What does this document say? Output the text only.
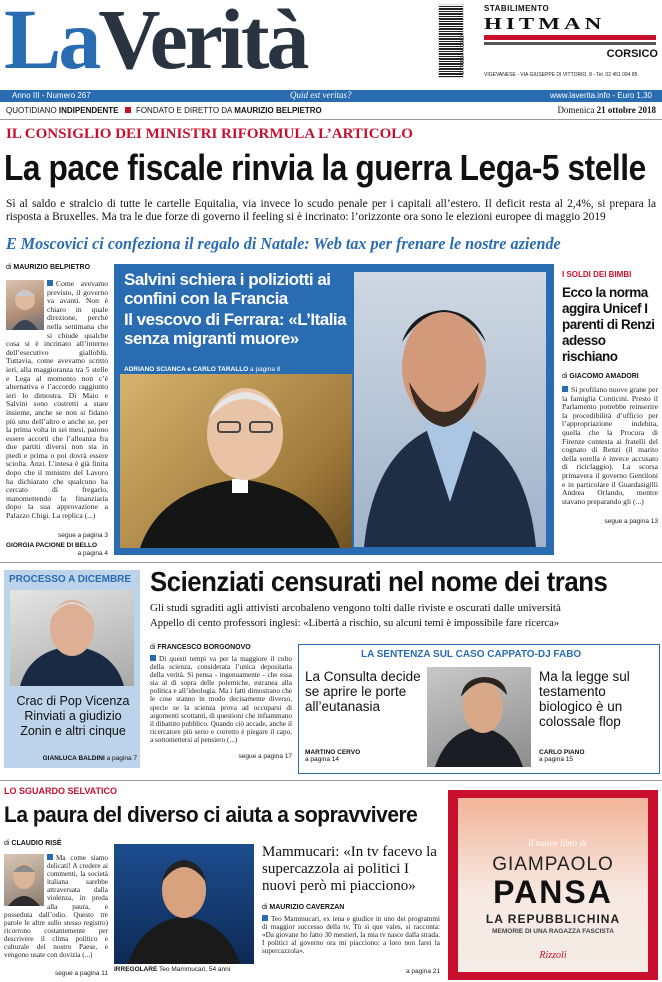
LaVerità	9 771824 702002
STABILIMENTO
HITMAN
CORSICO
VIGEVANESE - VIA GIUSEPPE DI VITTORIO, 8 - Tel. 02 451 094 85
Anno III - Numero 267	Quid est veritas?	www.laverita.info - Euro 1,30
QUOTIDIANO INDIPENDENTE FONDATO E DIRETTO DA MAURIZIO BELPIETRO	Domenica 21 ottobre 2018
IL CONSIGLIO DEI MINISTRI RIFORMULA L’ARTICOLO
La pace fiscale rinvia la guerra Lega-5 stelle
Sì al saldo e stralcio di tutte le cartelle Equitalia, via invece lo scudo penale per i capitali all’estero. Il deficit resta al 2,4%, si prepara la risposta a Bruxelles. Ma tra le due forze di governo il feeling si è incrinato: l’orizzonte ora sono le elezioni europee di maggio 2019
E Moscovici ci confeziona il regalo di Natale: Web tax per frenare le nostre aziende
di MAURIZIO BELPIETRO
Come avevamo previsto, il governo va avanti. Non è chiaro in quale direzione, perché nella settimana che si chiude qualche cosa si è incrinato all’interno dell’esecutivo gialloblù. Tuttavia, come avevamo scritto ieri, alla maggioranza tra 5 stelle e Lega al momento non c’è alternativa e l’accordo raggiunto ieri lo dimostra. Di Maio e Salvini sono costretti a stare insieme, anche se non si fidano più uno dell’altro e anche se, per la prima volta in sei mesi, paiono essere accorti che l’alleanza fra due partiti diversi non sta in piedi e prima o poi dovrà essere sciolta. Anzi. L’intesa è già finita dopo che il ministro del Lavoro ha dichiarato che qualcuno ha cercato di fregarlo, manomettendo la finanziaria dopo la sua approvazione a Palazzo Chigi. La replica (...)
segue a pagina 3
GIORGIA PACIONE DI BELLO
a pagina 4
Salvini schiera i poliziotti ai confini con la Francia
Il vescovo di Ferrara: «L’Italia senza migranti muore»
ADRIANO SCIANCA e CARLO TARALLO a pagina 8
I SOLDI DEI BIMBI
Ecco la norma aggira Unicef I parenti di Renzi adesso rischiano
di GIACOMO AMADORI
Si profilano nuove grane per la famiglia Conticini. Presto il Parlamento potrebbe reinserire la procedibilità d’ufficio per l’appropriazione indebita, quella che la Procura di Firenze contesta ai fratelli del cognato di Renzi (il marito della sorella è invece accusato di riciclaggio). La scorsa primavera il governo Gentiloni e in particolare il Guardasigilli Andrea Orlando, mentre stavano preparando gli (...)
segue a pagina 13
PROCESSO A DICEMBRE
Crac di Pop Vicenza Rinviati a giudizio Zonin e altri cinque
GIANLUCA BALDINI a pagina 7
Scienziati censurati nel nome dei trans
Gli studi sgraditi agli attivisti arcobaleno vengono tolti dalle riviste e oscurati dalle università
Appello di cento professori inglesi: «Libertà a rischio, su alcuni temi è impossibile fare ricerca»
di FRANCESCO BORGONOVO
Di questi tempi va per la maggiore il culto della scienza, considerata l’unica depositaria della verità. Si pensa - ingenuamente - che essa sia al di sopra delle polemiche, estranea alla politica e all’ideologia. Ma i fatti dimostrano che le cose stanno in modo decisamente diverso, specie se la scienza prova ad occuparsi di argomenti scottanti, di questioni che infiammano il dibattito pubblico. Quando ciò accade, anche il ricercatore più serio e corretto è piegare il capo, a sottomettersi al pensiero (...)
segue a pagina 17
LA SENTENZA SUL CASO CAPPATO-DJ FABO
La Consulta decide se aprire le porte all’eutanasia
MARTINO CERVO
a pagina 14
Ma la legge sul testamento biologico è un colossale flop
CARLO PIANO
a pagina 15
LO SGUARDO SELVATICO
La paura del diverso ci aiuta a sopravvivere
di CLAUDIO RISÉ
Ma come siamo delicati! A credere ai commenti, la società italiana sarebbe attraversata dalla violenza, in preda alla paura, e posseduta dall’odio. Questo tre parole le altre sullo stesso registro) ricorrono costantemente per descrivere il clima politico e culturale del nostro Paese, e vengono usate con dovizia (...)
segue a pagina 11
IRREGOLARE Teo Mammucari, 54 anni
Mammucari: «In tv facevo la supercazzola ai politici I nuovi però mi piacciono»
di MAURIZIO CAVERZAN
Teo Mammucari, ex iena e giudice in uno dei programmi di maggior successo della tv, Tù sì que vales, si racconta: «Da giovane ho fatto 30 mestieri, la mia tv nasce dalla strada. I politici al governo ora mi piacciono: a loro non farei la supercazzola».
a pagina 21
Il nuovo libro di
GIAMPAOLO
PANSA
LA REPUBBLICHINA
MEMORIE DI UNA RAGAZZA FASCISTA
Rizzoli
